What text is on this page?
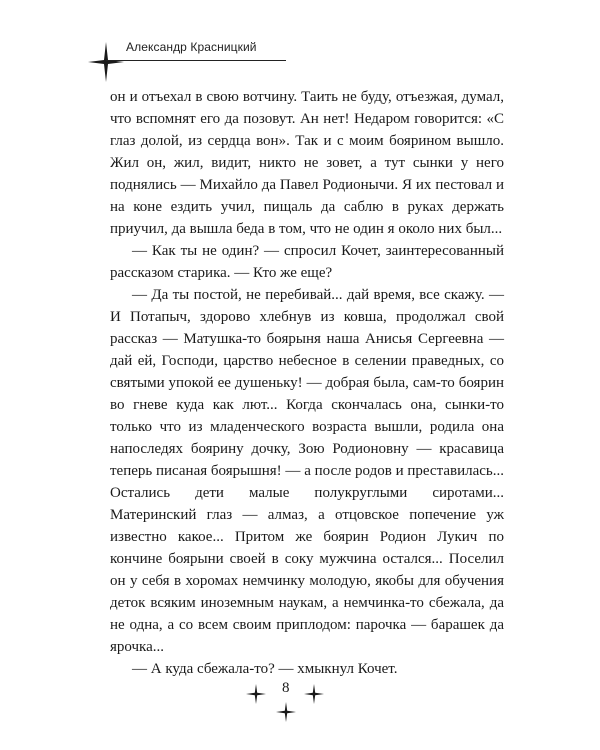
Александр Красницкий

он и отъехал в свою вотчину. Таить не буду, отъезжая, думал, что вспомнят его да позовут. Ан нет! Недаром говорится: «С глаз долой, из сердца вон». Так и с моим боярином вышло. Жил он, жил, видит, никто не зовет, а тут сынки у него поднялись — Михайло да Павел Родионычи. Я их пестовал и на коне ездить учил, пищаль да саблю в руках держать приучил, да вышла беда в том, что не один я около них был...

— Как ты не один? — спросил Кочет, заинтересованный рассказом старика. — Кто же еще?

— Да ты постой, не перебивай... дай время, все скажу. — И Потапыч, здорово хлебнув из ковша, продолжал свой рассказ — Матушка-то боярыня наша Анисья Сергеевна — дай ей, Господи, царство небесное в селении праведных, со святыми упокой ее душеньку! — добрая была, сам-то боярин во гневе куда как лют... Когда скончалась она, сынки-то только что из младенческого возраста вышли, родила она напоследях боярину дочку, Зою Родионовну — красавица теперь писаная боярышня! — а после родов и преставилась... Остались дети малые полукруглыми сиротами... Материнский глаз — алмаз, а отцовское попечение уж известно какое... Притом же боярин Родион Лукич по кончине боярыни своей в соку мужчина остался... Поселил он у себя в хоромах немчинку молодую, якобы для обучения деток всяким иноземным наукам, а немчинка-то сбежала, да не одна, а со всем своим приплодом: парочка — барашек да ярочка...

— А куда сбежала-то? — хмыкнул Кочет.

8
